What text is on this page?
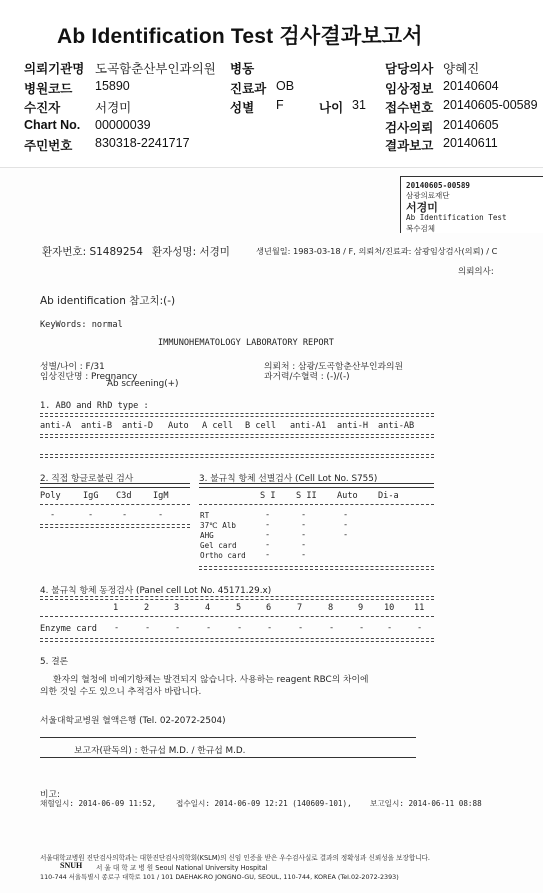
Ab Identification Test 검사결과보고서
의뢰기관명 도곡함춘산부인과의원 병동	담당의사 양혜진
병원코드 15890	진료과 OB	임상정보 20140604
수진자	서경미	성별 F	나이 31 접수번호 20140605-00589
Chart No. 00000039	검사의뢰 20140605
주민번호 830318-2241717	결과보고 20140611
20140605-00589
삼광의료재단
서경미
Ab Identification Test
복수검체
환자번호: S1489254 환자성명: 서경미	생년월일: 1983-03-18 / F, 의뢰처/진료과: 삼광임상검사(의뢰) / C
의뢰의사:
Ab identification 참고치:(-)
KeyWords: normal
IMMUNOHEMATOLOGY LABORATORY REPORT
성별/나이 : F/31
임상진단명 : Pregnancy
Ab screening(+)
의뢰처 : 삼광/도곡함춘산부인과의원
과거력/수혈력 : (-)/(-)
1. ABO and RhD type :
anti-A anti-B anti-D Auto A cell B cell anti-A1 anti-H anti-AB
2. 직접 항글로불린 검사
Poly	IgG C3d IgM
-	-	-	-
3. 불규칙 항체 선별검사 (Cell Lot No. S755)
S I S II Auto Di-a
RT	-	-	-
37℃ Alb	-	-	-
AHG	-	-	-
Gel card	-	-
Ortho card -	-
4. 불규칙 항체 동정검사 (Panel cell Lot No. 45171.29.x)
1	2	3	4	5	6	7	8	9 10 11
Enzyme card -	-	-	-	-	-	-	-	-	-	-
5. 결론
환자의 혈청에 비예기항체는 발견되지 않습니다. 사용하는 reagent RBC의 차이에
의한 것일 수도 있으니 추적검사 바랍니다.
서울대학교병원 혈액은행 (Tel. 02-2072-2504)
보고자(판독의) : 한규섭 M.D. / 한규섭 M.D.
비고:
채혈일시: 2014-06-09 11:52,	접수일시: 2014-06-09 12:21 (140609-101), 보고일시: 2014-06-11 08:88
서울대학교병원 진단검사의학과는 대한진단검사의학회(KSLM)의 신임 인증을 받은 우수검사실로 결과의 정확성과 신뢰성을 보장합니다.
SNUH 서 울 대 학 교 병 원 Seoul National University Hospital
110-744 서울특별시 종로구 대학로 101 / 101 DAEHAK-RO JONGNO-GU, SEOUL, 110-744, KOREA (Tel.02-2072-2393)
